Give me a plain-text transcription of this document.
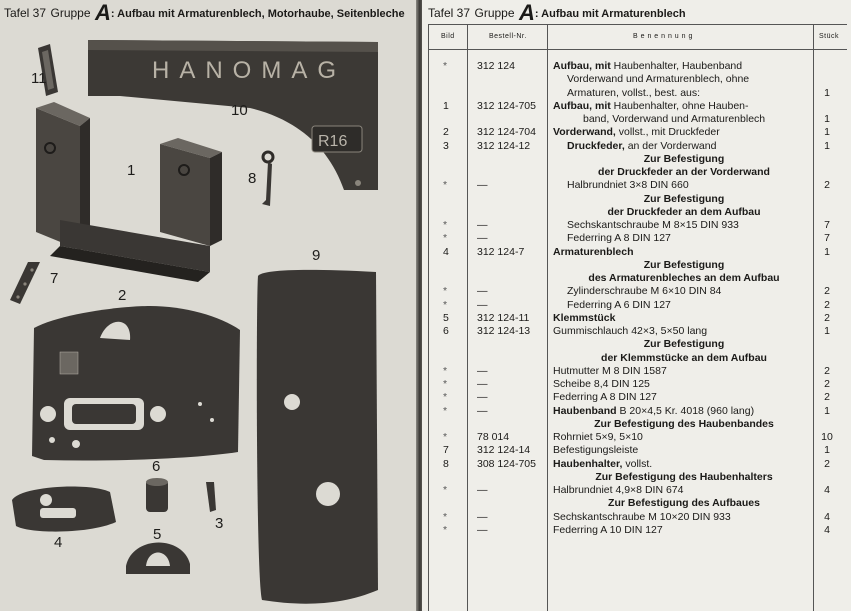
Tafel 37 Gruppe A: Aufbau mit Armaturenblech, Motorhaube, Seitenbleche
R16
HANOMAG
11
10
1	8
7
2
9
6
4	5
3
Tafel 37 Gruppe A: Aufbau mit Armaturenblech
Bild	Bestell-Nr.	B e n e n n u n g	Stück
*	312 124	Aufbau, mit Haubenhalter, Haubenband
Vorderwand und Armaturenblech, ohne
Armaturen, vollst., best. aus:	1
1	312 124-705	Aufbau, mit Haubenhalter, ohne Hauben-
band, Vorderwand und Armaturenblech	1
2	312 124-704	Vorderwand, vollst., mit Druckfeder	1
3	312 124-12	Druckfeder, an der Vorderwand	1
Zur Befestigung
der Druckfeder an der Vorderwand
*	—	Halbrundniet 3×8 DIN 660	2
Zur Befestigung
der Druckfeder an dem Aufbau
*	—	Sechskantschraube M 8×15 DIN 933	7
*	—	Federring A 8 DIN 127	7
4	312 124-7	Armaturenblech	1
Zur Befestigung
des Armaturenbleches an dem Aufbau
*	—	Zylinderschraube M 6×10 DIN 84	2
*	—	Federring A 6 DIN 127	2
5	312 124-11	Klemmstück	2
6	312 124-13	Gummischlauch 42×3, 5×50 lang	1
Zur Befestigung
der Klemmstücke an dem Aufbau
*	—	Hutmutter M 8 DIN 1587	2
*	—	Scheibe 8,4 DIN 125	2
*	—	Federring A 8 DIN 127	2
*	—	Haubenband B 20×4,5 Kr. 4018 (960 lang)	1
Zur Befestigung des Haubenbandes
*	78 014	Rohrniet 5×9, 5×10	10
7	312 124-14	Befestigungsleiste	1
8	308 124-705	Haubenhalter, vollst.	2
Zur Befestigung des Haubenhalters
*	—	Halbrundniet 4,9×8 DIN 674	4
Zur Befestigung des Aufbaues
*	—	Sechskantschraube M 10×20 DIN 933	4
*	—	Federring A 10 DIN 127	4
